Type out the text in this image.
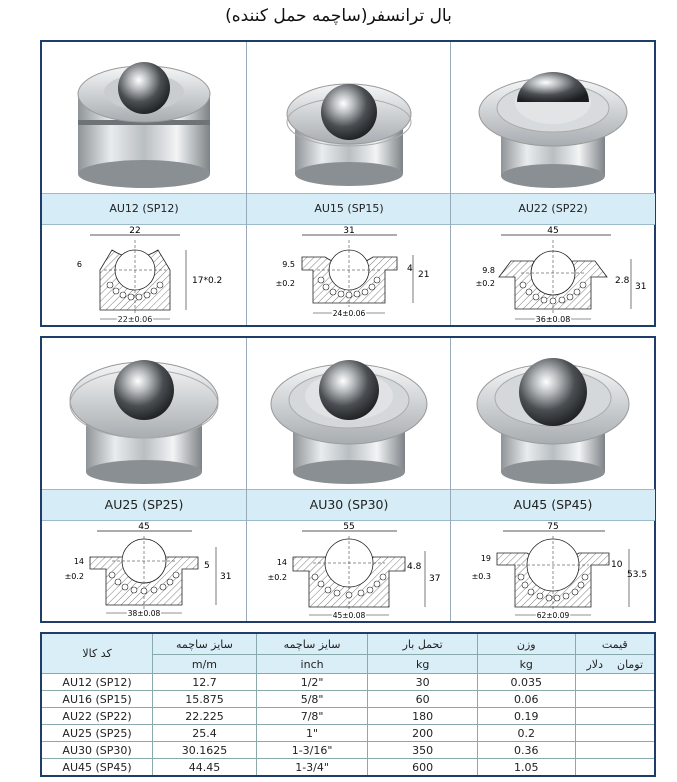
بال ترانسفر(ساچمه حمل کننده)
AU12 (SP12)
22
6
17*0.2
22±0.06
AU15 (SP15)
31
9.5
±0.2
4
21
24±0.06
AU22 (SP22)
45
9.8
±0.2	2.8
31
36±0.08
AU25 (SP25)
45
14
±0.2
5
31
38±0.08
AU30 (SP30)
55
14
±0.2
4.8
37
45±0.08
AU45 (SP45)
75
19
±0.3
10
53.5
62±0.09
کد کالا	سایز ساچمه	سایز ساچمه	تحمل بار	وزن	قیمت
	m/m	inch	kg	kg	تومان    دلار
AU12 (SP12)	12.7	1/2"	30	0.035	
AU16 (SP15)	15.875	5/8"	60	0.06	
AU22 (SP22)	22.225	7/8"	180	0.19	
AU25 (SP25)	25.4	1"	200	0.2	
AU30 (SP30)	30.1625	1-3/16"	350	0.36	
AU45 (SP45)	44.45	1-3/4"	600	1.05	
